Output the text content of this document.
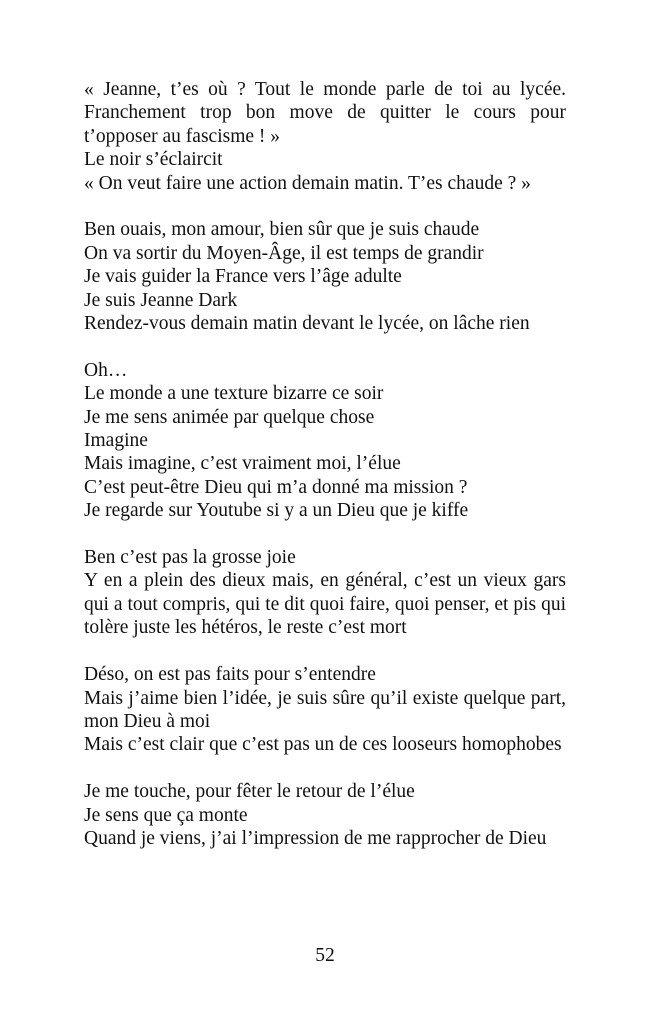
« Jeanne, t’es où ? Tout le monde parle de toi au lycée. Franchement trop bon move de quitter le cours pour t’opposer au fascisme ! »
Le noir s’éclaircit
« On veut faire une action demain matin. T’es chaude ? »
Ben ouais, mon amour, bien sûr que je suis chaude
On va sortir du Moyen-Âge, il est temps de grandir
Je vais guider la France vers l’âge adulte
Je suis Jeanne Dark
Rendez-vous demain matin devant le lycée, on lâche rien
Oh…
Le monde a une texture bizarre ce soir
Je me sens animée par quelque chose
Imagine
Mais imagine, c’est vraiment moi, l’élue
C’est peut-être Dieu qui m’a donné ma mission ?
Je regarde sur Youtube si y a un Dieu que je kiffe
Ben c’est pas la grosse joie
Y en a plein des dieux mais, en général, c’est un vieux gars qui a tout compris, qui te dit quoi faire, quoi penser, et pis qui tolère juste les hétéros, le reste c’est mort
Déso, on est pas faits pour s’entendre
Mais j’aime bien l’idée, je suis sûre qu’il existe quelque part, mon Dieu à moi
Mais c’est clair que c’est pas un de ces looseurs homophobes
Je me touche, pour fêter le retour de l’élue
Je sens que ça monte
Quand je viens, j’ai l’impression de me rapprocher de Dieu
52
